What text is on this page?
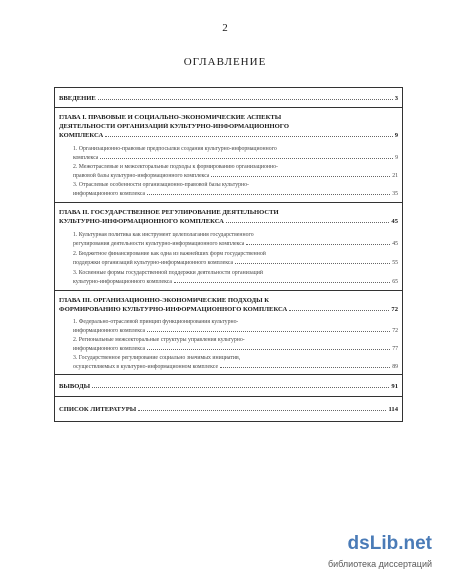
2
ОГЛАВЛЕНИЕ
ВВЕДЕНИЕ	3
ГЛАВА I. ПРАВОВЫЕ И СОЦИАЛЬНО-ЭКОНОМИЧЕСКИЕ АСПЕКТЫ
ДЕЯТЕЛЬНОСТИ ОРГАНИЗАЦИЙ КУЛЬТУРНО-ИНФОРМАЦИОННОГО
КОМПЛЕКСА	9
1. Организационно-правовые предпосылки создания культурно-информационного
комплекса	9
2. Межотраслевые и межсекторальные подходы к формированию организационно-
правовой базы культурно-информационного комплекса	21
3. Отраслевые особенности организационно-правовой базы культурно-
информационного комплекса	35
ГЛАВА II. ГОСУДАРСТВЕННОЕ РЕГУЛИРОВАНИЕ ДЕЯТЕЛЬНОСТИ
КУЛЬТУРНО-ИНФОРМАЦИОННОГО КОМПЛЕКСА	45
1. Культурная политика как инструмент целеполагания государственного
регулирования деятельности культурно-информационного комплекса	45
2. Бюджетное финансирование как одна из важнейших форм государственной
поддержки организаций культурно-информационного комплекса	55
3. Косвенные формы государственной поддержки деятельности организаций
культурно-информационного комплекса	65
ГЛАВА III. ОРГАНИЗАЦИОННО-ЭКОНОМИЧЕСКИЕ ПОДХОДЫ К
ФОРМИРОВАНИЮ КУЛЬТУРНО-ИНФОРМАЦИОННОГО КОМПЛЕКСА	72
1. Федерально-отраслевой принцип функционирования культурно-
информационного комплекса	72
2. Региональные межсекторальные структуры управления культурно-
информационного комплекса	77
3. Государственное регулирование социально значимых инициатив,
осуществляемых в культурно-информационном комплексе	89
ВЫВОДЫ	91
СПИСОК ЛИТЕРАТУРЫ	114
dsLib.net
библиотека диссертаций
